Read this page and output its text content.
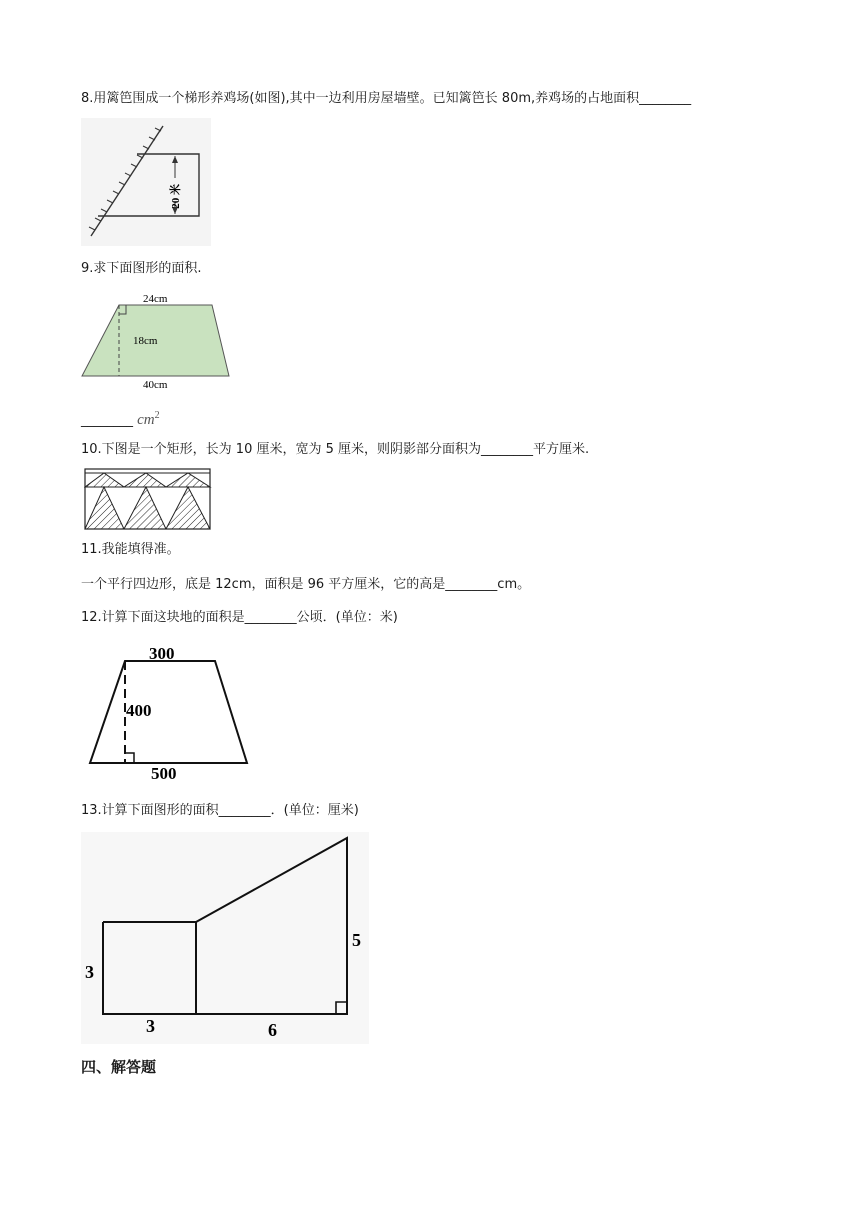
8.用篱笆围成一个梯形养鸡场(如图),其中一边利用房屋墙壁。已知篱笆长 80m,养鸡场的占地面积________
20 米
9.求下面图形的面积.
24cm
18cm
40cm
________ $cm^2$
10.下图是一个矩形，长为 10 厘米，宽为 5 厘米，则阴影部分面积为________平方厘米.
11.我能填得准。
一个平行四边形，底是 12cm，面积是 96 平方厘米，它的高是________cm。
12.计算下面这块地的面积是________公顷．(单位：米)
300
400
500
13.计算下面图形的面积________．(单位：厘米)
3
3	6
5
四、解答题
